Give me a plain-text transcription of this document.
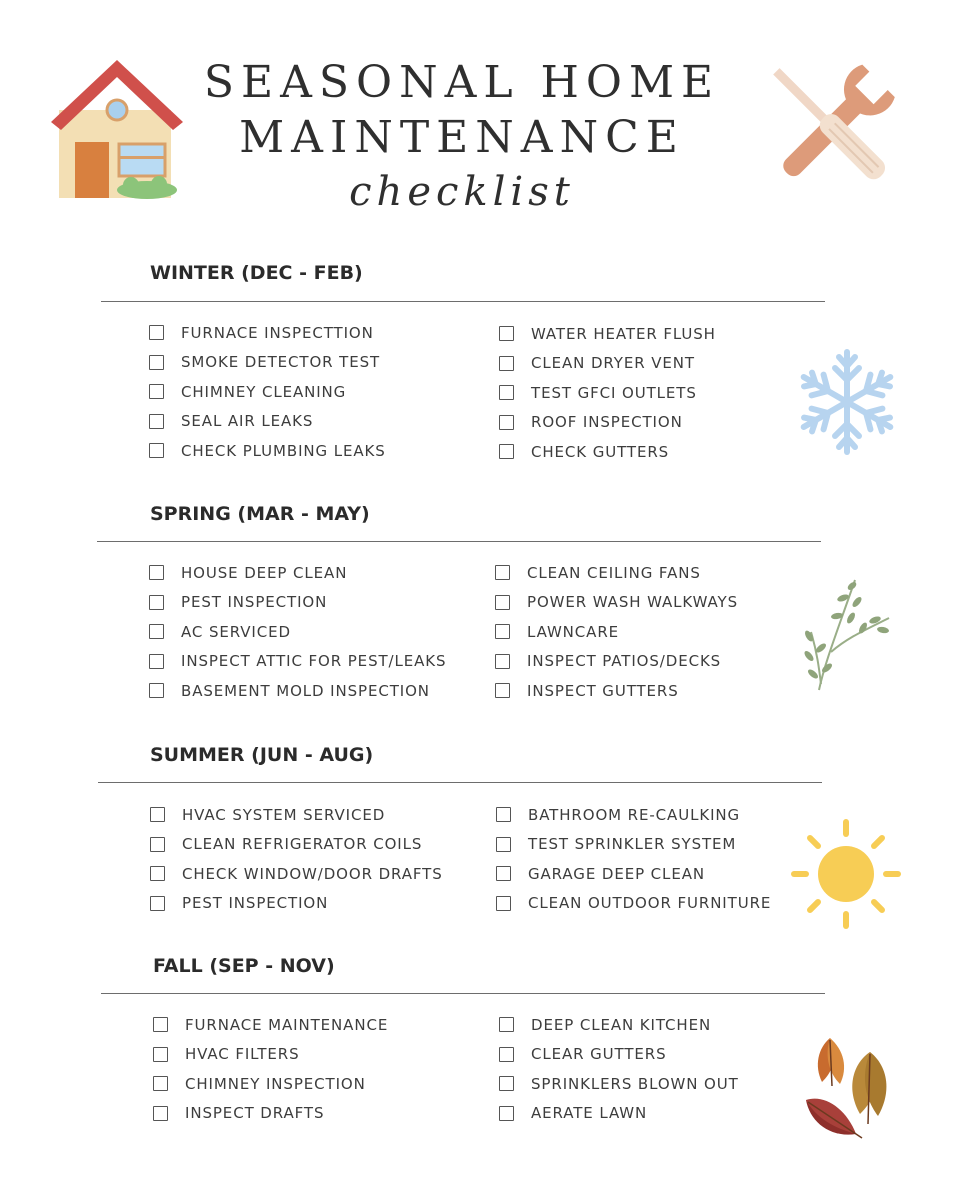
SEASONAL HOME
MAINTENANCE
checklist
WINTER (DEC - FEB)
FURNACE INSPECTTION
SMOKE DETECTOR TEST
CHIMNEY CLEANING
SEAL AIR LEAKS
CHECK PLUMBING LEAKS
WATER HEATER FLUSH
CLEAN DRYER VENT
TEST GFCI OUTLETS
ROOF INSPECTION
CHECK GUTTERS
SPRING (MAR - MAY)
HOUSE DEEP CLEAN
PEST INSPECTION
AC SERVICED
INSPECT ATTIC FOR PEST/LEAKS
BASEMENT MOLD INSPECTION
CLEAN CEILING FANS
POWER WASH WALKWAYS
LAWNCARE
INSPECT PATIOS/DECKS
INSPECT GUTTERS
SUMMER (JUN - AUG)
HVAC SYSTEM SERVICED
CLEAN REFRIGERATOR COILS
CHECK WINDOW/DOOR DRAFTS
PEST INSPECTION
BATHROOM RE-CAULKING
TEST SPRINKLER SYSTEM
GARAGE DEEP CLEAN
CLEAN OUTDOOR FURNITURE
FALL (SEP - NOV)
FURNACE MAINTENANCE
HVAC FILTERS
CHIMNEY INSPECTION
INSPECT DRAFTS
DEEP CLEAN KITCHEN
CLEAR GUTTERS
SPRINKLERS BLOWN OUT
AERATE LAWN
